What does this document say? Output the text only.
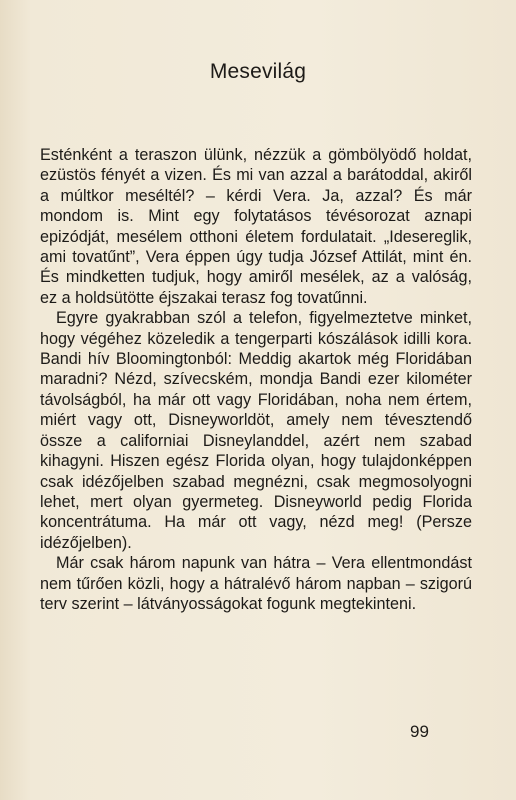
Mesevilág

Esténként a teraszon ülünk, nézzük a gömbölyödő holdat, ezüstös fényét a vizen. És mi van azzal a barátoddal, akiről a múltkor meséltél? – kérdi Vera. Ja, azzal? És már mondom is. Mint egy folytatásos tévésorozat aznapi epizódját, mesélem otthoni életem fordulatait. „Idesereglik, ami tovatűnt”, Vera éppen úgy tudja József Attilát, mint én. És mindketten tudjuk, hogy amiről mesélek, az a valóság, ez a holdsütötte éjszakai terasz fog tovatűnni.

Egyre gyakrabban szól a telefon, figyelmeztetve minket, hogy végéhez közeledik a tengerparti kószálások idilli kora. Bandi hív Bloomingtonból: Meddig akartok még Floridában maradni? Nézd, szívecském, mondja Bandi ezer kilométer távolságból, ha már ott vagy Floridában, noha nem értem, miért vagy ott, Disneyworldöt, amely nem tévesztendő össze a californiai Disneylanddel, azért nem szabad kihagyni. Hiszen egész Florida olyan, hogy tulajdonképpen csak idézőjelben szabad megnézni, csak megmosolyogni lehet, mert olyan gyermeteg. Disneyworld pedig Florida koncentrátuma. Ha már ott vagy, nézd meg! (Persze idézőjelben).

Már csak három napunk van hátra – Vera ellentmondást nem tűrően közli, hogy a hátralévő három napban – szigorú terv szerint – látványosságokat fogunk megtekinteni.

99
